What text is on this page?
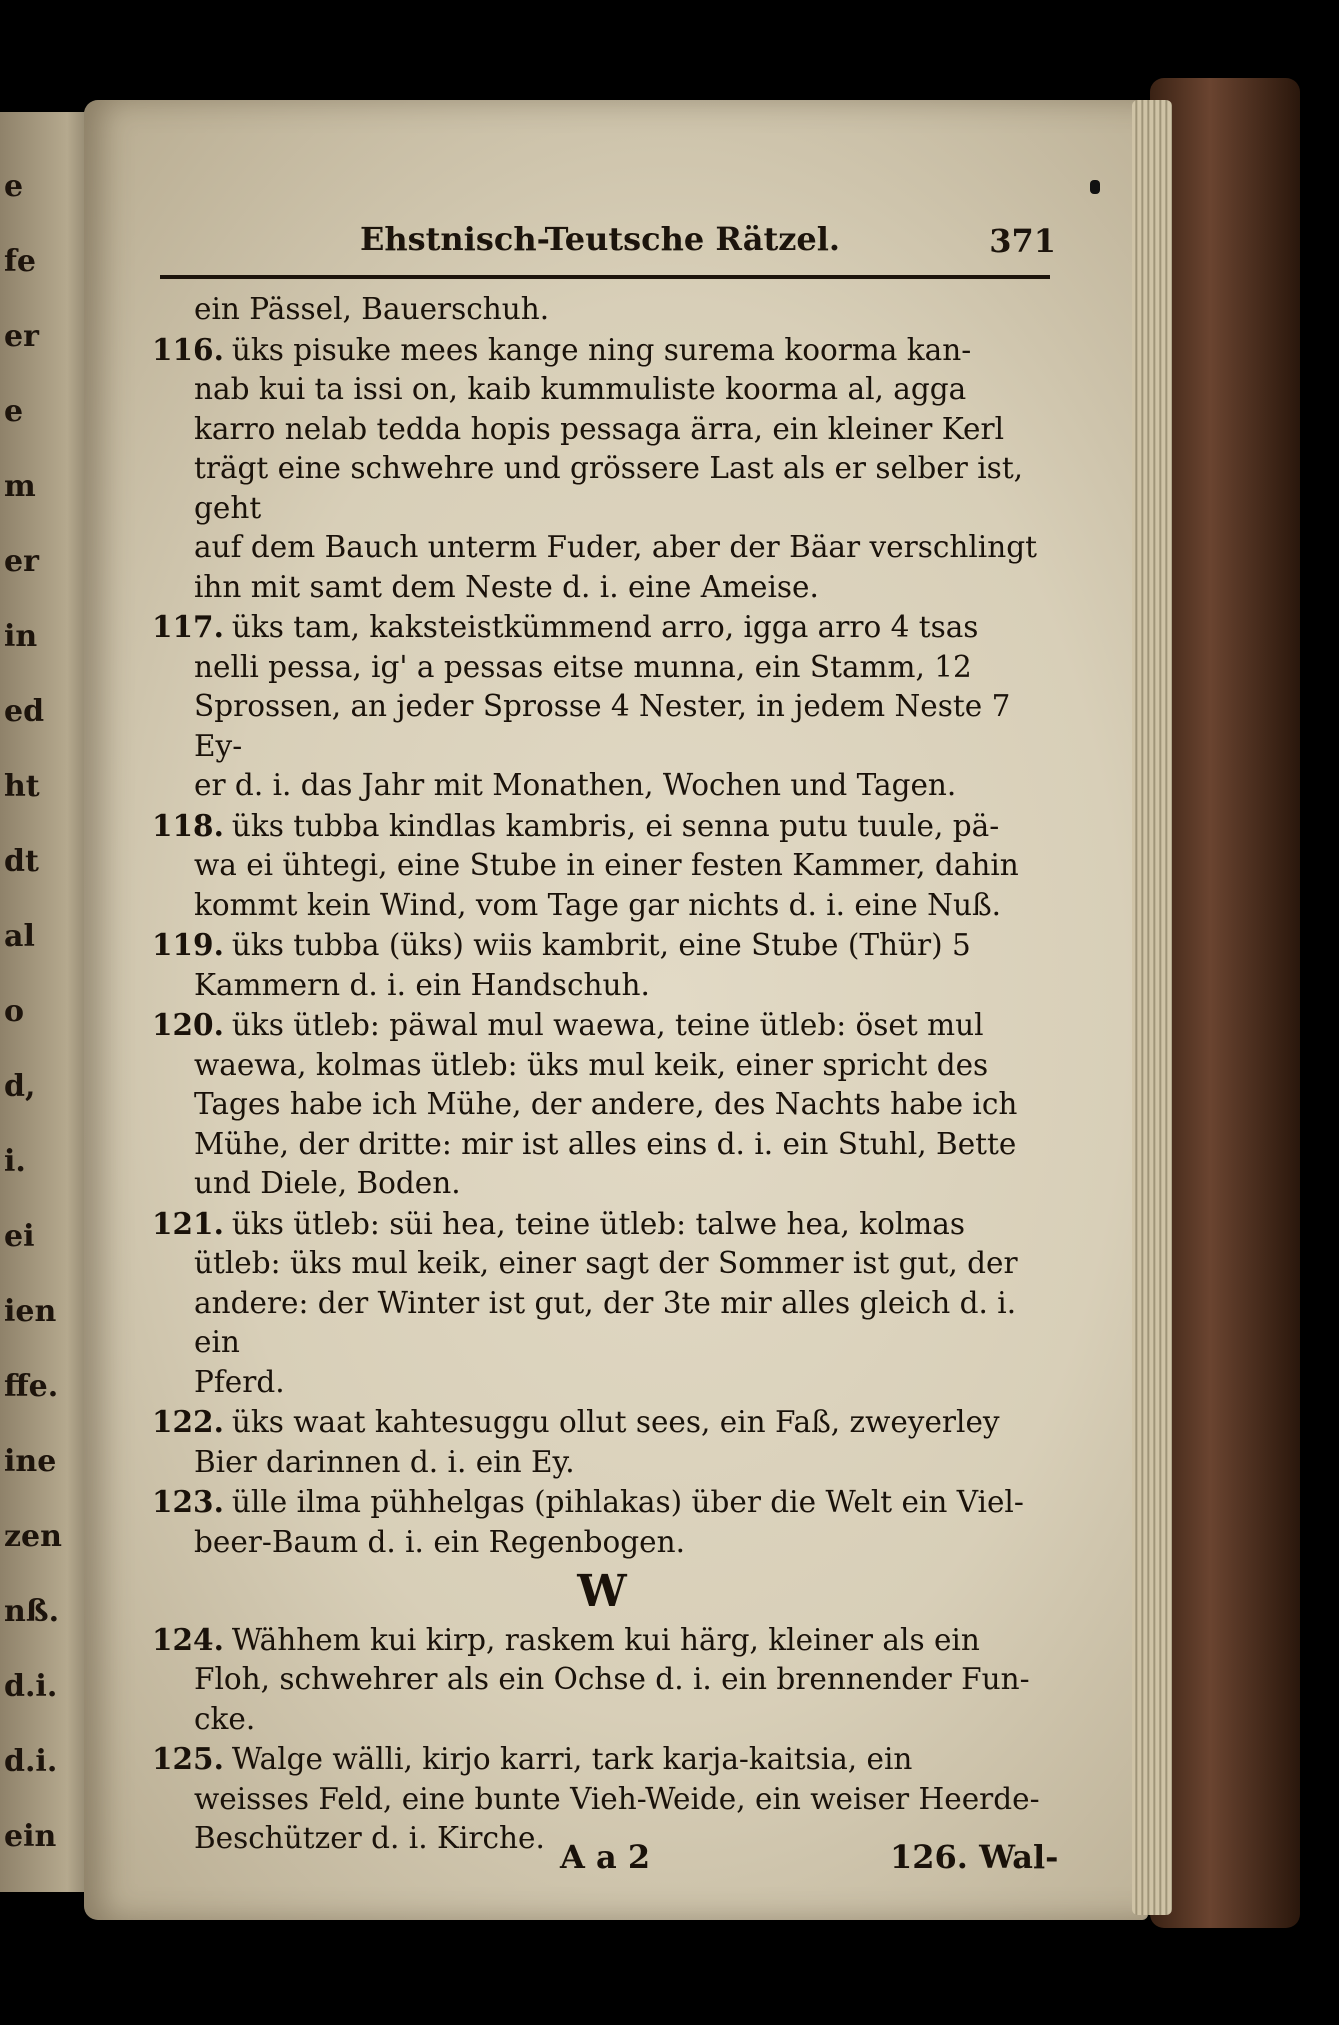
e
fe
er
e
m
er
in
ed
ht
dt
al
o
d,
i.
ei
ien
ffe.
ine
zen
nß.
d.i.
d.i.
ein
Ehstnisch-Teutsche Rätzel.	371
ein Pässel, Bauerschuh.
116. üks pisuke mees kange ning surema koorma kan-
nab kui ta issi on, kaib kummuliste koorma al, agga
karro nelab tedda hopis pessaga ärra, ein kleiner Kerl
trägt eine schwehre und grössere Last als er selber ist, geht
auf dem Bauch unterm Fuder, aber der Bäar verschlingt
ihn mit samt dem Neste d. i. eine Ameise.
117. üks tam, kaksteistkümmend arro, igga arro 4 tsas
nelli pessa, ig' a pessas eitse munna, ein Stamm, 12
Sprossen, an jeder Sprosse 4 Nester, in jedem Neste 7 Ey-
er d. i. das Jahr mit Monathen, Wochen und Tagen.
118. üks tubba kindlas kambris, ei senna putu tuule, pä-
wa ei ühtegi, eine Stube in einer festen Kammer, dahin
kommt kein Wind, vom Tage gar nichts d. i. eine Nuß.
119. üks tubba (üks) wiis kambrit, eine Stube (Thür) 5
Kammern d. i. ein Handschuh.
120. üks ütleb: päwal mul waewa, teine ütleb: öset mul
waewa, kolmas ütleb: üks mul keik, einer spricht des
Tages habe ich Mühe, der andere, des Nachts habe ich
Mühe, der dritte: mir ist alles eins d. i. ein Stuhl, Bette
und Diele, Boden.
121. üks ütleb: süi hea, teine ütleb: talwe hea, kolmas
ütleb: üks mul keik, einer sagt der Sommer ist gut, der
andere: der Winter ist gut, der 3te mir alles gleich d. i. ein
Pferd.
122. üks waat kahtesuggu ollut sees, ein Faß, zweyerley
Bier darinnen d. i. ein Ey.
123. ülle ilma pühhelgas (pihlakas) über die Welt ein Viel-
beer-Baum d. i. ein Regenbogen.
W
124. Wähhem kui kirp, raskem kui härg, kleiner als ein
Floh, schwehrer als ein Ochse d. i. ein brennender Fun-
cke.
125. Walge wälli, kirjo karri, tark karja-kaitsia, ein
weisses Feld, eine bunte Vieh-Weide, ein weiser Heerde-
Beschützer d. i. Kirche. A a 2	126. Wal-
